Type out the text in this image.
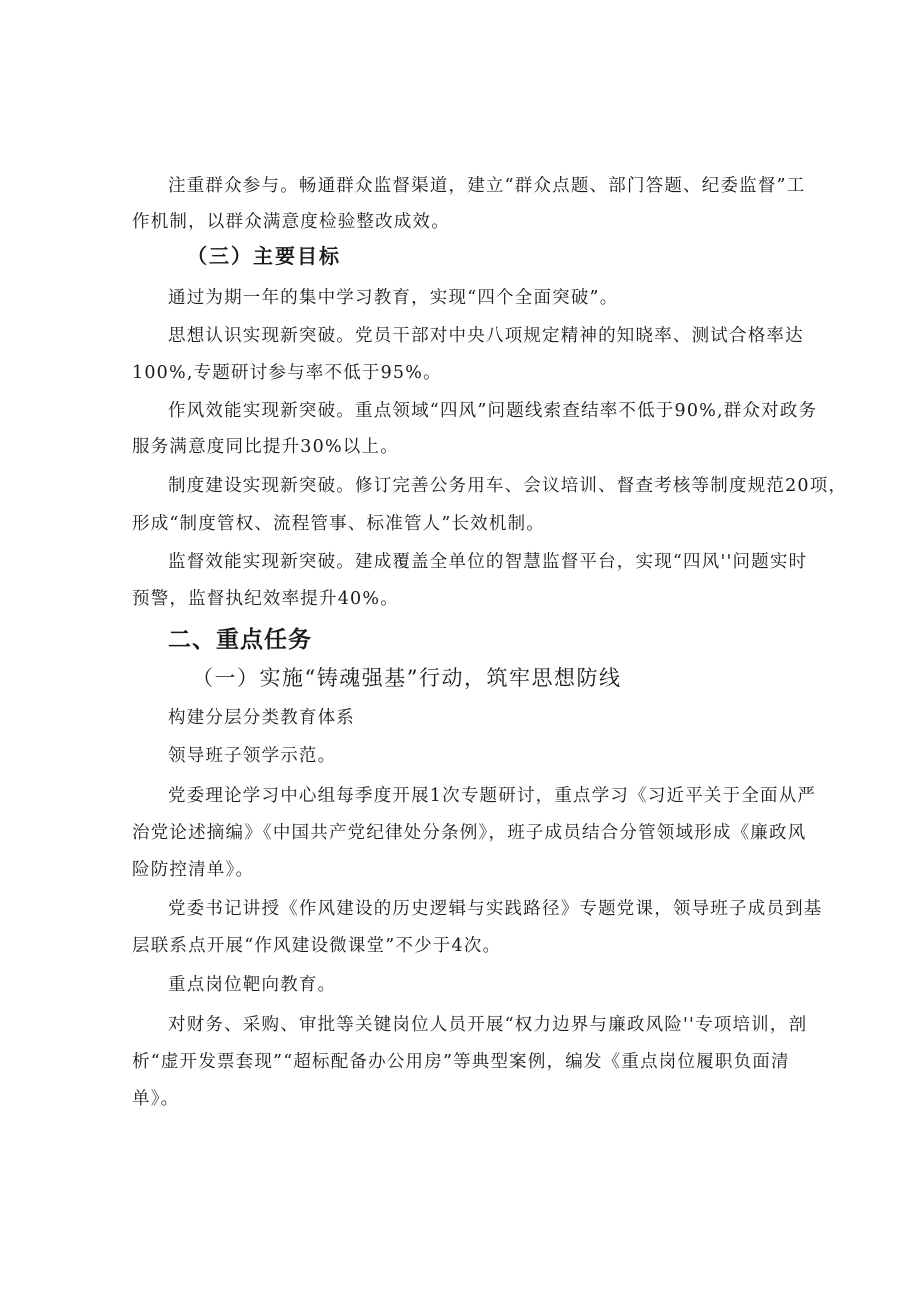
注重群众参与。畅通群众监督渠道，建立“群众点题、部门答题、纪委监督”工
作机制，以群众满意度检验整改成效。
（三）主要目标
通过为期一年的集中学习教育，实现“四个全面突破”。
思想认识实现新突破。党员干部对中央八项规定精神的知晓率、测试合格率达
100%,专题研讨参与率不低于95%。
作风效能实现新突破。重点领域“四风”问题线索查结率不低于90%,群众对政务
服务满意度同比提升30%以上。
制度建设实现新突破。修订完善公务用车、会议培训、督查考核等制度规范20项，
形成“制度管权、流程管事、标准管人”长效机制。
监督效能实现新突破。建成覆盖全单位的智慧监督平台，实现“四风''问题实时
预警，监督执纪效率提升40%。
二、重点任务
（一）实施“铸魂强基”行动，筑牢思想防线
构建分层分类教育体系
领导班子领学示范。
党委理论学习中心组每季度开展1次专题研讨，重点学习《习近平关于全面从严
治党论述摘编》《中国共产党纪律处分条例》，班子成员结合分管领域形成《廉政风
险防控清单》。
党委书记讲授《作风建设的历史逻辑与实践路径》专题党课，领导班子成员到基
层联系点开展“作风建设微课堂”不少于4次。
重点岗位靶向教育。
对财务、采购、审批等关键岗位人员开展“权力边界与廉政风险''专项培训，剖
析“虚开发票套现”“超标配备办公用房”等典型案例，编发《重点岗位履职负面清
单》。
